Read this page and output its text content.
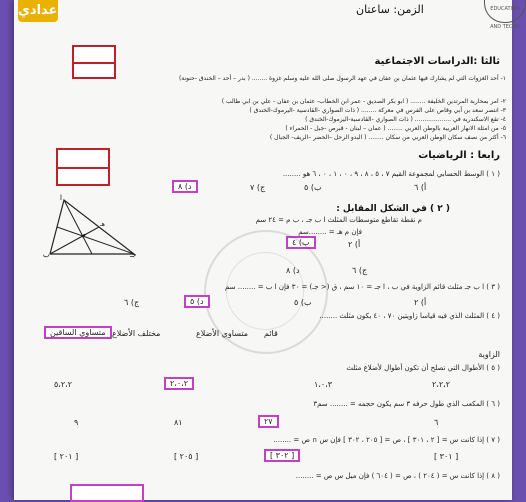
إعدادي	الزمن: ساعتان	EDUCATION AND TECHN
ثالثا :الدراسات الاجتماعية
١- أحد الغزوات التي لم يشارك فيها عثمان بن عفان في عهد الرسول صلى الله عليه وسلم غزوة ........ ( بدر – أحد – الخندق -حنونة)
٢- امر بمحاربة المرتدين الخليفة ........ ( ابو بكر الصديق - عمر ابن الخطاب- عثمان بن عفان - علي بن ابي طالب )
٣- انتصر سعد بن أبي وقاص على الفرس في معركة ........ ( ذات الصواري -القادسية -اليرموك-الخندق )
٤- تقع الاسكندرية في ................... ( ذات الصواري -القادسية-اليرموك-الخندق )
٥- من امثلة الانهار العربية بالوطن العربي ........ ( عمان – لبنان - قبرص -جبل - الحمراء )
٦- أكثر من نصف سكان الوطن العربي من سكان ........ ( البدو الرحل –الحضر –الريف- الجبال )
رابعا : الرياضيات
( ١ ) الوسط الحسابي لمجموعة القيم ٧ ، ٥ ، ٨ ، ٩ ، ٠ ، ١ ، ٠ ، ٦ هو ........
أ) ٦
ب) ٥
ج) ٧
د) ٨
( ٢ ) في الشكل المقابل :
م نقطة تقاطع متوسطات المثلث ا ب جـ ، ب م = ٢٤ سم
فإن م هـ = ........سم
ب) ٤	أ) ٢
ج) ٦
د) ٨
ا
ب	جـ
م
هـ
( ٣ ) ا ب جـ مثلث قائم الزاوية في ب ، ا جـ = ١٠ سم ، ق (< جـ) = ٣٠ فإن ا ب = ........ سم
أ) ٢
ب) ٥
د) ٥
ج) ٦
( ٤ ) المثلث الذي فيه قياسا زاويتين ٧٠ ، ٤٠ يكون مثلث ........
متساوي الساقين	متساوي الأضلاع
مختلف الأضلاع	قائم
الزاوية
( ٥ ) الأطوال التي تصلح أن تكون أطوال لأضلاع مثلث
٢،٢،٢
١،٠،٣
٢،٠،٢
٥،٢،٢
( ٦ ) المكعب الذي طول حرفه ٣ سم يكون حجمه = ........ سم٣
٦
٢٧
٨١
٩
( ٧ ) إذا كانت س = [ ٢ ، ٣٠١ ] ، ص = [ ٢٠٥ ، ٣٠٢ ] فإن س ∩ ص = ........
[ ٣٠١ ]
[ ٣٠٢ ]
[ ٢٠٥ ]
[ ٢٠١ ]
( ٨ ) إذا كانت س = ( ٢٠٤ ) ، ص = ( ٦٠٤ ) فإن ميل س ص = ........
